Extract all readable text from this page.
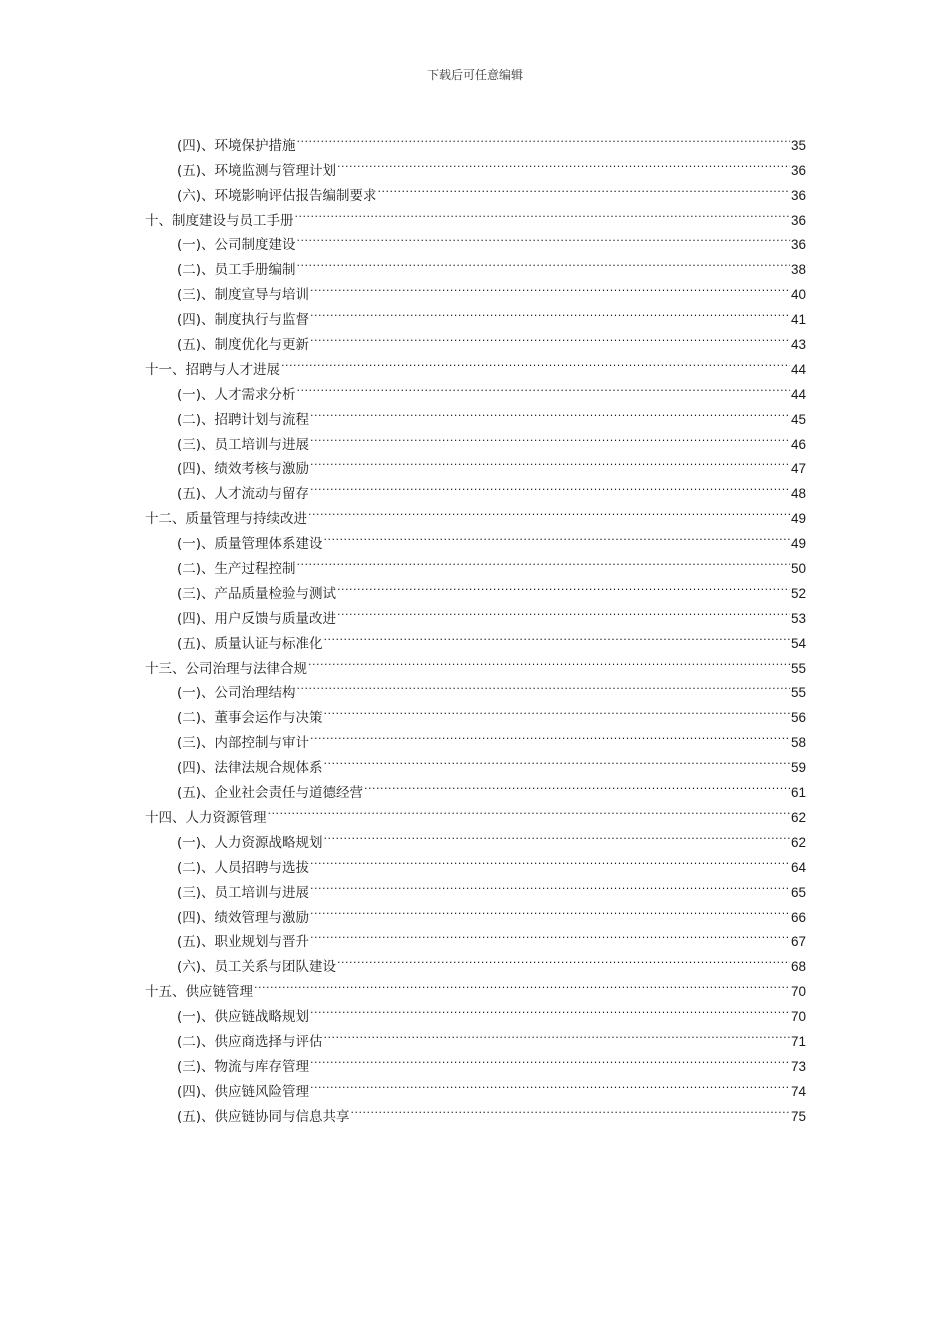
下载后可任意编辑
(四)、环境保护措施 .....	35
(五)、环境监测与管理计划 .....	36
(六)、环境影响评估报告编制要求 .....	36
十、制度建设与员工手册 .....	36
(一)、公司制度建设 .....	36
(二)、员工手册编制 .....	38
(三)、制度宣导与培训 .....	40
(四)、制度执行与监督 .....	41
(五)、制度优化与更新 .....	43
十一、招聘与人才进展 .....	44
(一)、人才需求分析 .....	44
(二)、招聘计划与流程 .....	45
(三)、员工培训与进展 .....	46
(四)、绩效考核与激励 .....	47
(五)、人才流动与留存 .....	48
十二、质量管理与持续改进 .....	49
(一)、质量管理体系建设 .....	49
(二)、生产过程控制 .....	50
(三)、产品质量检验与测试 .....	52
(四)、用户反馈与质量改进 .....	53
(五)、质量认证与标准化 .....	54
十三、公司治理与法律合规 .....	55
(一)、公司治理结构 .....	55
(二)、董事会运作与决策 .....	56
(三)、内部控制与审计 .....	58
(四)、法律法规合规体系 .....	59
(五)、企业社会责任与道德经营 .....	61
十四、人力资源管理 .....	62
(一)、人力资源战略规划 .....	62
(二)、人员招聘与选拔 .....	64
(三)、员工培训与进展 .....	65
(四)、绩效管理与激励 .....	66
(五)、职业规划与晋升 .....	67
(六)、员工关系与团队建设 .....	68
十五、供应链管理 .....	70
(一)、供应链战略规划 .....	70
(二)、供应商选择与评估 .....	71
(三)、物流与库存管理 .....	73
(四)、供应链风险管理 .....	74
(五)、供应链协同与信息共享 .....	75
